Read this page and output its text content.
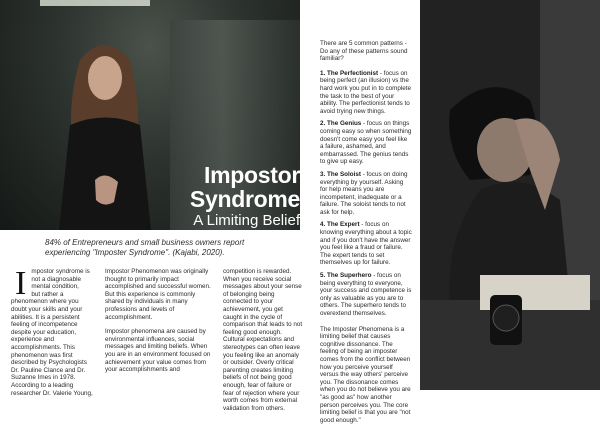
Impostor Syndrome
A Limiting Belief
84% of Entrepreneurs and small business owners report experiencing "Imposter Syndrome". (Kajabi, 2020).
I mpostor syndrome is not a diagnosable mental condition,
but rather a phenomenon where you doubt your skills and your abilities. It is a persistent feeling of incompetence despite your education, experience and accomplishments. This phenomenon was first described by Psychologists Dr. Pauline Clance and Dr. Suzanne Imes in 1978. According to a leading researcher Dr. Valerie Young,
Impostor Phenomenon was originally thought to primarily impact accomplished and successful women. But this experience is commonly shared by individuals in many professions and levels of accomplishment.
Impostor phenomena are caused by environmental influences, social messages and limiting beliefs. When you are in an environment focused on achievement your value comes from your accomplishments and
competition is rewarded. When you receive social messages about your sense of belonging being connected to your achievement, you get caught in the cycle of comparison that leads to not feeling good enough. Cultural expectations and stereotypes can often leave you feeling like an anomaly or outsider. Overly critical parenting creates limiting beliefs of not being good enough, fear of failure or fear of rejection where your worth comes from external validation from others.

There are 5 common patterns - Do any of these patterns sound familiar?

1. The Perfectionist - focus on being perfect (an illusion) vs the hard work you put in to complete the task to the best of your ability. The perfectionist tends to avoid trying new things.

2. The Genius - focus on things coming easy so when something doesn't come easy you feel like a failure, ashamed, and embarrassed. The genius tends to give up easy.

3. The Soloist - focus on doing everything by yourself. Asking for help means you are incompetent, inadequate or a failure. The soloist tends to not ask for help.

4. The Expert - focus on knowing everything about a topic and if you don't have the answer you feel like a fraud or failure. The expert tends to set themselves up for failure.

5. The Superhero - focus on being everything to everyone, your success and competence is only as valuable as you are to others. The superhero tends to overextend themselves.

The Imposter Phenomena is a limiting belief that causes cognitive dissonance. The feeling of being an imposter comes from the conflict between how you perceive yourself versus the way others' perceive you. The dissonance comes when you do not believe you are "as good as" how another person perceives you. The core limiting belief is that you are "not good enough."
